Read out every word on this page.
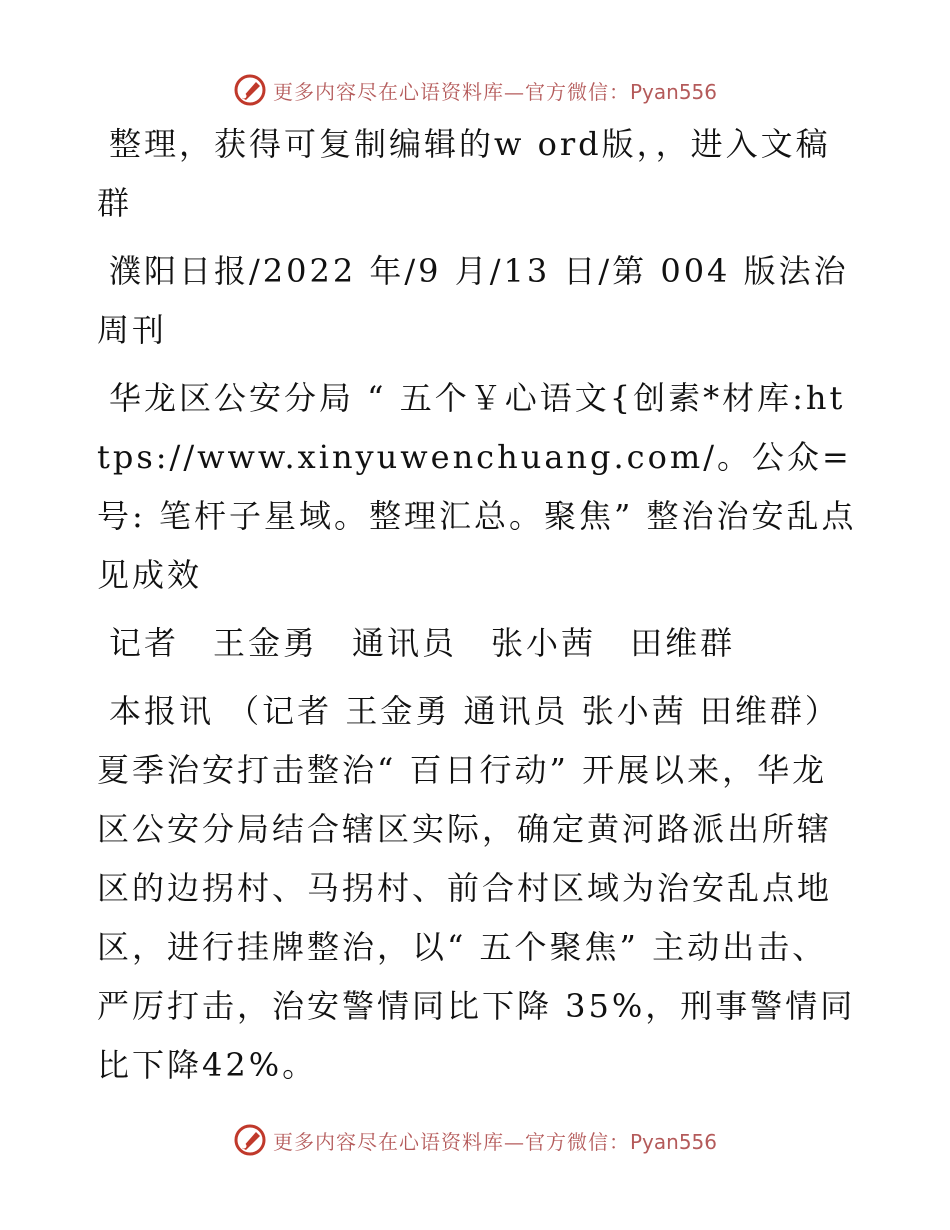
更多内容尽在心语资料库—官方微信：Pyan556

整理，获得可复制编辑的w ord版，，进入文稿群

濮阳日报/2022 年/9 月/13 日/第 004 版法治周刊

华龙区公安分局 “ 五个￥心语文{创素*材库:https://www.xinyuwenchuang.com/。公众=号: 笔杆子星域。整理汇总。聚焦” 整治治安乱点见成效

记者 王金勇 通讯员 张小茜 田维群

本报讯 （记者 王金勇 通讯员 张小茜 田维群）夏季治安打击整治“ 百日行动” 开展以来，华龙区公安分局结合辖区实际，确定黄河路派出所辖区的边拐村、马拐村、前合村区域为治安乱点地区，进行挂牌整治，以“ 五个聚焦” 主动出击、严厉打击，治安警情同比下降 35%，刑事警情同比下降42%。

更多内容尽在心语资料库—官方微信：Pyan556
